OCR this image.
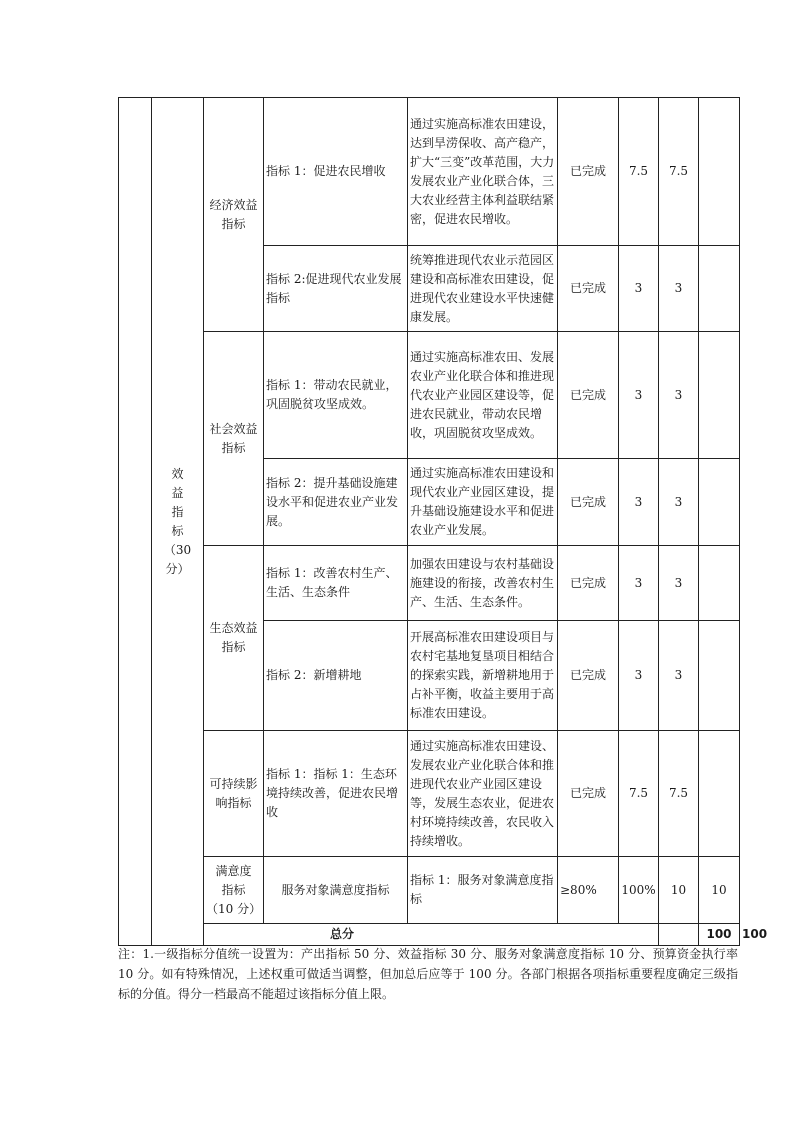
	效
益
指
标
（30 分）	经济效益指标	指标 1：促进农民增收	通过实施高标准农田建设，达到旱涝保收、高产稳产，扩大“三变”改革范围，大力发展农业产业化联合体，三大农业经营主体利益联结紧密，促进农民增收。	已完成	7.5	7.5		
			指标 2:促进现代农业发展指标	统筹推进现代农业示范园区建设和高标准农田建设，促进现代农业建设水平快速健康发展。	已完成	3	3		
		社会效益指标	指标 1：带动农民就业，巩固脱贫攻坚成效。	通过实施高标准农田、发展农业产业化联合体和推进现代农业产业园区建设等，促进农民就业，带动农民增收，巩固脱贫攻坚成效。	已完成	3	3		
			指标 2：提升基础设施建设水平和促进农业产业发展。	通过实施高标准农田建设和现代农业产业园区建设，提升基础设施建设水平和促进农业产业发展。	已完成	3	3		
		生态效益指标	指标 1：改善农村生产、生活、生态条件	加强农田建设与农村基础设施建设的衔接，改善农村生产、生活、生态条件。	已完成	3	3		
			指标 2：新增耕地	开展高标准农田建设项目与农村宅基地复垦项目相结合的探索实践，新增耕地用于占补平衡，收益主要用于高标准农田建设。	已完成	3	3		
		可持续影响指标	指标 1：指标 1：生态环境持续改善，促进农民增收	通过实施高标准农田建设、发展农业产业化联合体和推进现代农业产业园区建设等，发展生态农业，促进农村环境持续改善，农民收入持续增收。	已完成	7.5	7.5		

		满意度
指标
（10 分）	服务对象满意度指标	指标 1：服务对象满意度指标	≥80%	100%	10	10	
		总分						100	100	
注：1.一级指标分值统一设置为：产出指标 50 分、效益指标 30 分、服务对象满意度指标 10 分、预算资金执行率 10 分。如有特殊情况，上述权重可做适当调整，但加总后应等于 100 分。各部门根据各项指标重要程度确定三级指标的分值。得分一档最高不能超过该指标分值上限。
